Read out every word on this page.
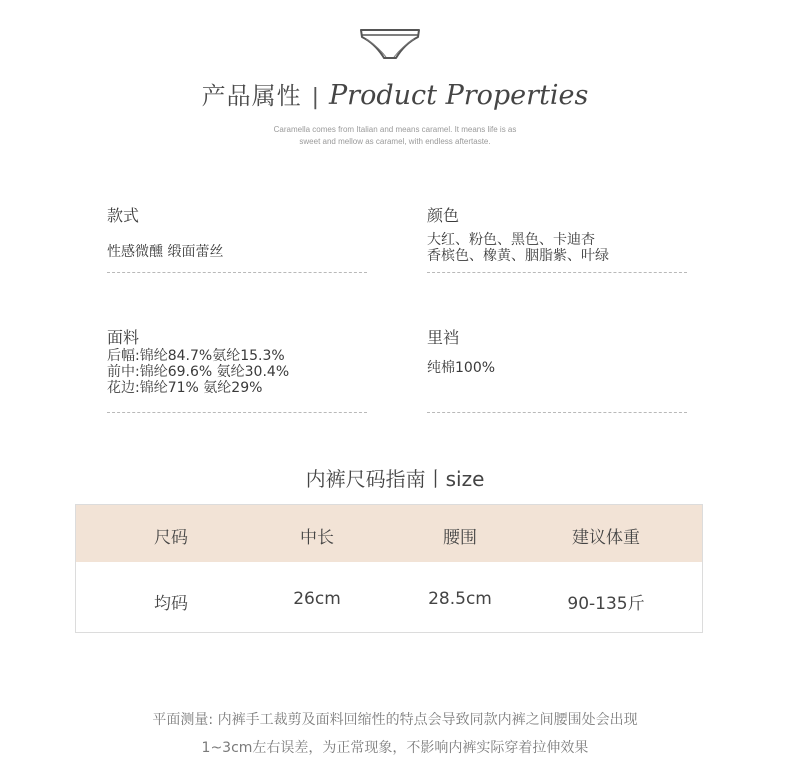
产品属性 | Product Properties
Caramella comes from Italian and means caramel. It means life is as
sweet and mellow as caramel, with endless aftertaste.
款式
性感微醺 缎面蕾丝
颜色
大红、粉色、黑色、卡迪杏
香槟色、橡黄、胭脂紫、叶绿
面料
后幅:锦纶84.7%氨纶15.3%
前中:锦纶69.6% 氨纶30.4%
花边:锦纶71% 氨纶29%
里裆
纯棉100%
内裤尺码指南丨size
尺码	中长	腰围	建议体重
均码	26cm	28.5cm	90-135斤
平面测量: 内裤手工裁剪及面料回缩性的特点会导致同款内裤之间腰围处会出现
1~3cm左右误差，为正常现象，不影响内裤实际穿着拉伸效果
